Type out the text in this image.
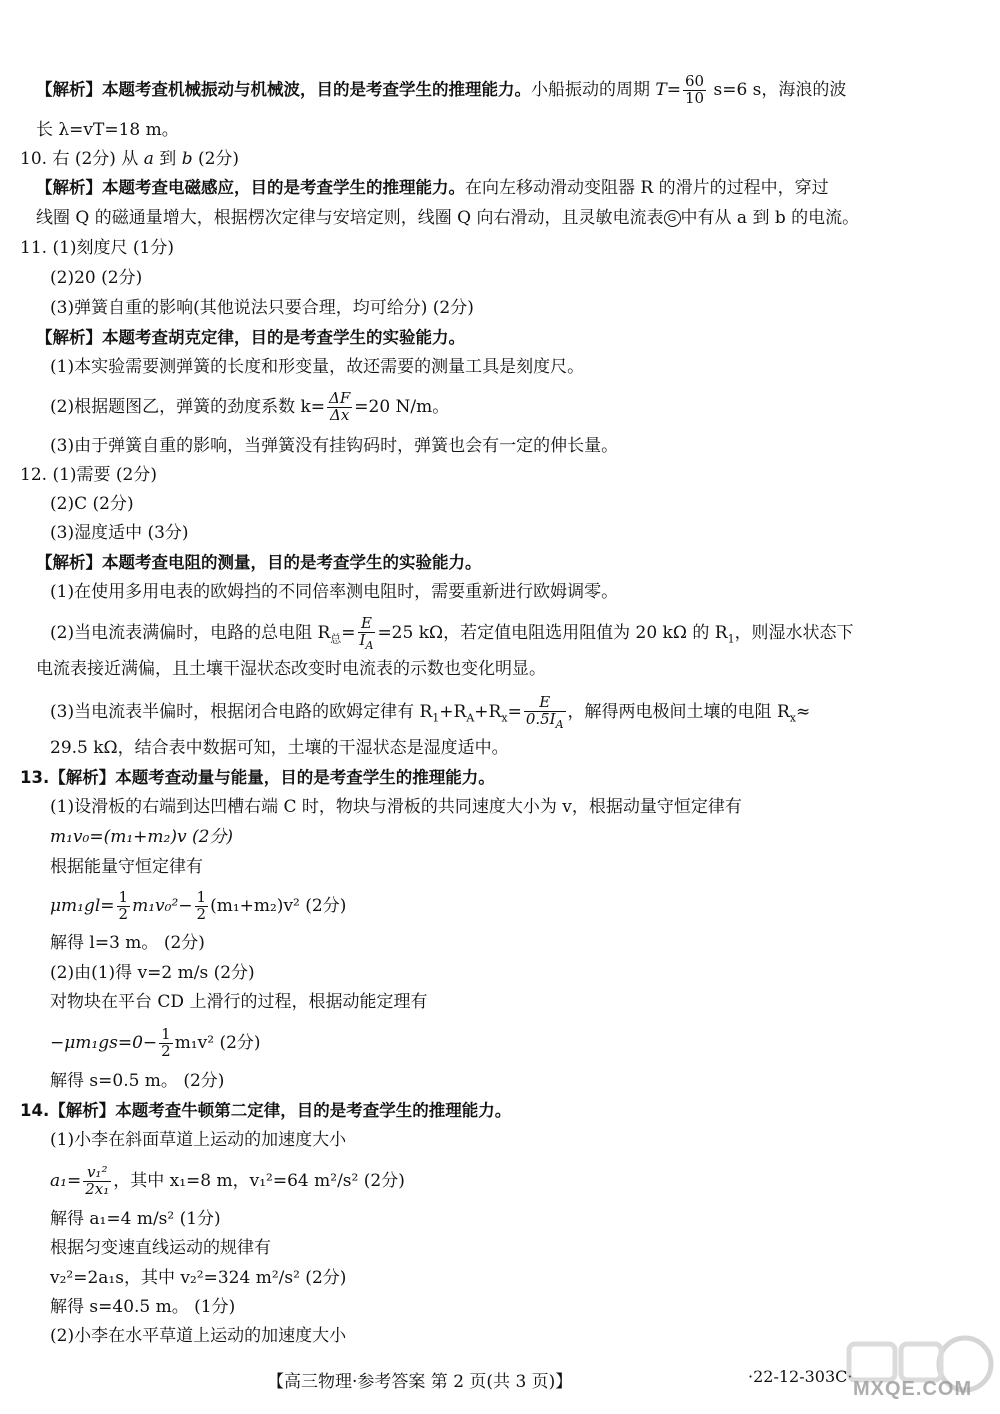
【解析】本题考查机械振动与机械波，目的是考查学生的推理能力。小船振动的周期 $T= \frac{60}{10} s=6$ s，海浪的波
长 λ=vT=18 m。
10. 右 (2分) 从 a 到 b (2分)
【解析】本题考查电磁感应，目的是考查学生的推理能力。在向左移动滑动变阻器 R 的滑片的过程中，穿过
线圈 Q 的磁通量增大，根据楞次定律与安培定则，线圈 Q 向右滑动，且灵敏电流表 G 中有从 a 到 b 的电流。
11. (1)刻度尺 (1分)
(2)20 (2分)
(3)弹簧自重的影响(其他说法只要合理，均可给分) (2分)
【解析】本题考查胡克定律，目的是考查学生的实验能力。
(1)本实验需要测弹簧的长度和形变量，故还需要的测量工具是刻度尺。
(2)根据题图乙，弹簧的劲度系数 $k= \frac{\Delta F}{\Delta x} =20$ N/m。
(3)由于弹簧自重的影响，当弹簧没有挂钩码时，弹簧也会有一定的伸长量。
12. (1)需要 (2分)
(2)C (2分)
(3)湿度适中 (3分)
【解析】本题考查电阻的测量，目的是考查学生的实验能力。
(1)在使用多用电表的欧姆挡的不同倍率测电阻时，需要重新进行欧姆调零。
(2)当电流表满偏时，电路的总电阻 $R_总= \frac{E}{I_A} =25$ kΩ，若定值电阻选用阻值为 20 kΩ 的 $R_1$，则湿水状态下
电流表接近满偏，且土壤干湿状态改变时电流表的示数也变化明显。
(3)当电流表半偏时，根据闭合电路的欧姆定律有 $R_1+R_A+R_x= \frac{E}{0.5I_A}$ ，解得两电极间土壤的电阻 $R_x\approx$
29.5 kΩ，结合表中数据可知，土壤的干湿状态是湿度适中。
13.【解析】本题考查动量与能量，目的是考查学生的推理能力。
(1)设滑板的右端到达凹槽右端 C 时，物块与滑板的共同速度大小为 v，根据动量守恒定律有
m₁v₀=(m₁+m₂)v (2分)
根据能量守恒定律有
$\mu m_1gl= \frac{1}{2} m_1v_0^2- \frac{1}{2} (m_1+m_2)v^2$ (2分)
解得 l=3 m。 (2分)
(2)由(1)得 v=2 m/s (2分)
对物块在平台 CD 上滑行的过程，根据动能定理有
$-\mu m_1gs=0- \frac{1}{2} m_1v^2$ (2分)
解得 s=0.5 m。 (2分)
14.【解析】本题考查牛顿第二定律，目的是考查学生的推理能力。
(1)小李在斜面草道上运动的加速度大小
$a_1= \frac{\text{v₁²}}{\text{2x₁}}$ ，其中 x₁=8 m，v₁²=64 m²/s² (2分)
解得 a₁=4 m/s² (1分)
根据匀变速直线运动的规律有
v₂²=2a₁s，其中 v₂²=324 m²/s² (2分)
解得 s=40.5 m。 (1分)
(2)小李在水平草道上运动的加速度大小
【高三物理·参考答案 第 2 页(共 3 页)】	·22-12-303C·
MXQE.COM
